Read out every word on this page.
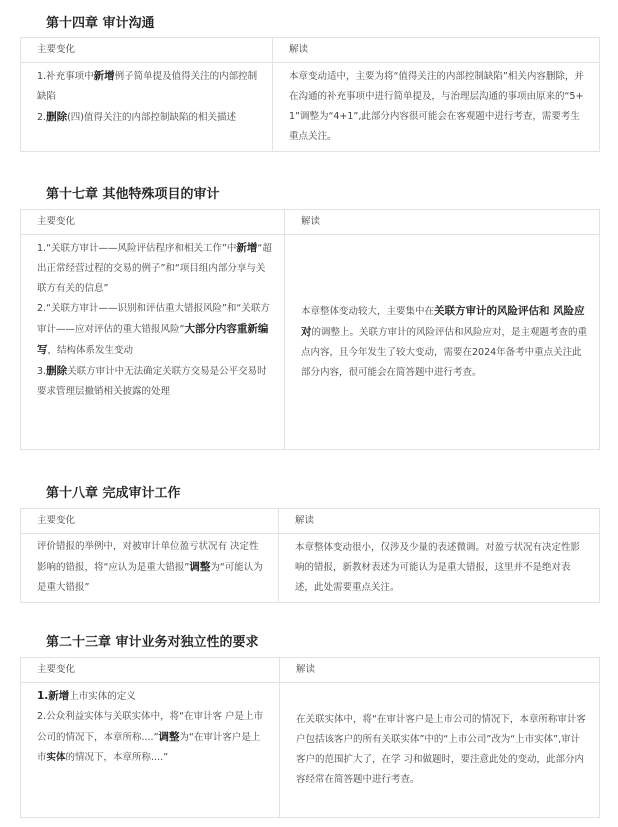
第十四章 审计沟通
主要变化	解读

1.补充事项中新增例子简单提及值得关注的内部控制缺陷
2.删除(四)值得关注的内部控制缺陷的相关描述	本章变动适中，主要为将“值得关注的内部控制缺陷”相关内容删除，并在沟通的补充事项中进行简单提及，与治理层沟通的事项由原来的“5+1”调整为“4+1”,此部分内容很可能会在客观题中进行考查，需要考生重点关注。
第十七章 其他特殊项目的审计
主要变化	解读

1.“关联方审计——风险评估程序和相关工作”中新增“超出正常经营过程的交易的例子”和“项目组内部分享与关联方有关的信息”
2.“关联方审计——识别和评估重大错报风险”和“关联方审计——应对评估的重大错报风险”大部分内容重新编写，结构体系发生变动
3.删除关联方审计中无法确定关联方交易是公平交易时要求管理层撤销相关披露的处理	本章整体变动较大，主要集中在关联方审计的风险评估和 风险应对的调整上。关联方审计的风险评估和风险应对，是主观题考查的重点内容，且今年发生了较大变动，需要在2024年备考中重点关注此部分内容，很可能会在简答题中进行考查。
第十八章 完成审计工作
主要变化	解读
评价错报的举例中，对被审计单位盈亏状况有 决定性影响的错报，将“应认为是重大错报”调整为“可能认为是重大错报”	本章整体变动很小，仅涉及少量的表述微调。对盈亏状况有决定性影响的错报，新教材表述为可能认为是重大错报，这里并不是绝对表述，此处需要重点关注。
第二十三章 审计业务对独立性的要求
主要变化	解读

1.新增上市实体的定义
2.公众利益实体与关联实体中，将“在审计客 户是上市公司的情况下，本章所称....”调整为“在审计客户是上市实体的情况下，本章所称....”	在关联实体中，将“在审计客户是上市公司的情况下，本章所称审计客户包括该客户的所有关联实体”中的“上市公司”改为“上市实体”,审计客户的范围扩大了，在学 习和做题时，要注意此处的变动，此部分内容经常在简答题中进行考查。
